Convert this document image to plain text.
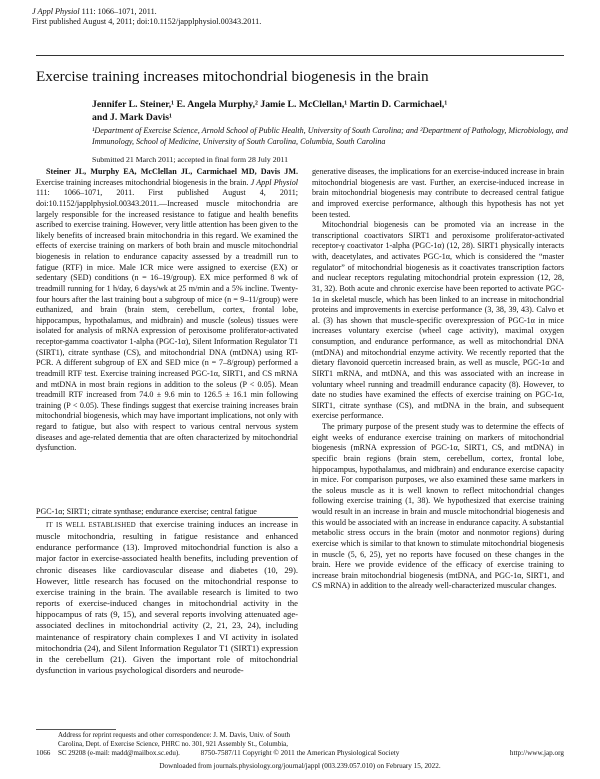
J Appl Physiol 111: 1066–1071, 2011.
First published August 4, 2011; doi:10.1152/japplphysiol.00343.2011.
Exercise training increases mitochondrial biogenesis in the brain
Jennifer L. Steiner,¹ E. Angela Murphy,² Jamie L. McClellan,¹ Martin D. Carmichael,¹
and J. Mark Davis¹
¹Department of Exercise Science, Arnold School of Public Health, University of South Carolina; and ²Department of Pathology, Microbiology, and Immunology, School of Medicine, University of South Carolina, Columbia, South Carolina
Submitted 21 March 2011; accepted in final form 28 July 2011

Steiner JL, Murphy EA, McClellan JL, Carmichael MD, Davis JM. Exercise training increases mitochondrial biogenesis in the brain. J Appl Physiol 111: 1066–1071, 2011. First published August 4, 2011; doi:10.1152/japplphysiol.00343.2011.—Increased muscle mitochondria are largely responsible for the increased resistance to fatigue and health benefits ascribed to exercise training. However, very little attention has been given to the likely benefits of increased brain mitochondria in this regard. We examined the effects of exercise training on markers of both brain and muscle mitochondrial biogenesis in relation to endurance capacity assessed by a treadmill run to fatigue (RTF) in mice. Male ICR mice were assigned to exercise (EX) or sedentary (SED) conditions (n = 16–19/group). EX mice performed 8 wk of treadmill running for 1 h/day, 6 days/wk at 25 m/min and a 5% incline. Twenty-four hours after the last training bout a subgroup of mice (n = 9–11/group) were euthanized, and brain (brain stem, cerebellum, cortex, frontal lobe, hippocampus, hypothalamus, and midbrain) and muscle (soleus) tissues were isolated for analysis of mRNA expression of peroxisome proliferator-activated receptor-gamma coactivator 1-alpha (PGC-1α), Silent Information Regulator T1 (SIRT1), citrate synthase (CS), and mitochondrial DNA (mtDNA) using RT-PCR. A different subgroup of EX and SED mice (n = 7–8/group) performed a treadmill RTF test. Exercise training increased PGC-1α, SIRT1, and CS mRNA and mtDNA in most brain regions in addition to the soleus (P < 0.05). Mean treadmill RTF increased from 74.0 ± 9.6 min to 126.5 ± 16.1 min following training (P < 0.05). These findings suggest that exercise training increases brain mitochondrial biogenesis, which may have important implications, not only with regard to fatigue, but also with respect to various central nervous system diseases and age-related dementia that are often characterized by mitochondrial dysfunction.

PGC-1α; SIRT1; citrate synthase; endurance exercise; central fatigue

generative diseases, the implications for an exercise-induced increase in brain mitochondrial biogenesis are vast. Further, an exercise-induced increase in brain mitochondrial biogenesis may contribute to decreased central fatigue and improved exercise performance, although this hypothesis has not yet been tested.

Mitochondrial biogenesis can be promoted via an increase in the transcriptional coactivators SIRT1 and peroxisome proliferator-activated receptor-γ coactivator 1-alpha (PGC-1α) (12, 28). SIRT1 physically interacts with, deacetylates, and activates PGC-1α, which is considered the “master regulator” of mitochondrial biogenesis as it coactivates transcription factors and nuclear receptors regulating mitochondrial protein expression (12, 28, 31, 32). Both acute and chronic exercise have been reported to activate PGC-1α in skeletal muscle, which has been linked to an increase in mitochondrial proteins and improvements in exercise performance (3, 38, 39, 43). Calvo et al. (3) has shown that muscle-specific overexpression of PGC-1α in mice increases voluntary exercise (wheel cage activity), maximal oxygen consumption, and endurance performance, as well as mitochondrial DNA (mtDNA) and mitochondrial enzyme activity. We recently reported that the dietary flavonoid quercetin increased brain, as well as muscle, PGC-1α and SIRT1 mRNA, and mtDNA, and this was associated with an increase in voluntary wheel running and treadmill endurance capacity (8). However, to date no studies have examined the effects of exercise training on PGC-1α, SIRT1, citrate synthase (CS), and mtDNA in the brain, and subsequent exercise performance.

The primary purpose of the present study was to determine the effects of eight weeks of endurance exercise training on markers of mitochondrial biogenesis (mRNA expression of PGC-1α, SIRT1, CS, and mtDNA) in specific brain regions (brain stem, cerebellum, cortex, frontal lobe, hippocampus, hypothalamus, and midbrain) and endurance exercise capacity in mice. For comparison purposes, we also examined these same markers in the soleus muscle as it is well known to reflect mitochondrial changes following exercise training (1, 38). We hypothesized that exercise training would result in an increase in brain and muscle mitochondrial biogenesis and this would be associated with an increase in endurance capacity. A substantial metabolic stress occurs in the brain (motor and nonmotor regions) during exercise which is similar to that known to stimulate mitochondrial biogenesis in muscle (5, 6, 25), yet no reports have focused on these changes in the brain. Here we provide evidence of the efficacy of exercise training to increase brain mitochondrial biogenesis (mtDNA, and PGC-1α, SIRT1, and CS mRNA) in addition to the already well-characterized muscular changes.

IT IS WELL ESTABLISHED that exercise training induces an increase in muscle mitochondria, resulting in fatigue resistance and enhanced endurance performance (13). Improved mitochondrial function is also a major factor in exercise-associated health benefits, including prevention of chronic diseases like cardiovascular disease and diabetes (10, 29). However, little research has focused on the mitochondrial response to exercise training in the brain. The available research is limited to two reports of exercise-induced changes in mitochondrial activity in the hippocampus of rats (9, 15), and several reports involving attenuated age-associated declines in mitochondrial activity (2, 21, 23, 24), including maintenance of respiratory chain complexes I and VI activity in isolated mitochondria (24), and Silent Information Regulator T1 (SIRT1) expression in the cerebellum (21). Given the important role of mitochondrial dysfunction in various psychological disorders and neurode-

Address for reprint requests and other correspondence: J. M. Davis, Univ. of South Carolina, Dept. of Exercise Science, PHRC no. 301, 921 Assembly St., Columbia, SC 29208 (e-mail: madd@mailbox.sc.edu).
1066	8750-7587/11 Copyright © 2011 the American Physiological Society	http://www.jap.org
Downloaded from journals.physiology.org/journal/jappl (003.239.057.010) on February 15, 2022.
